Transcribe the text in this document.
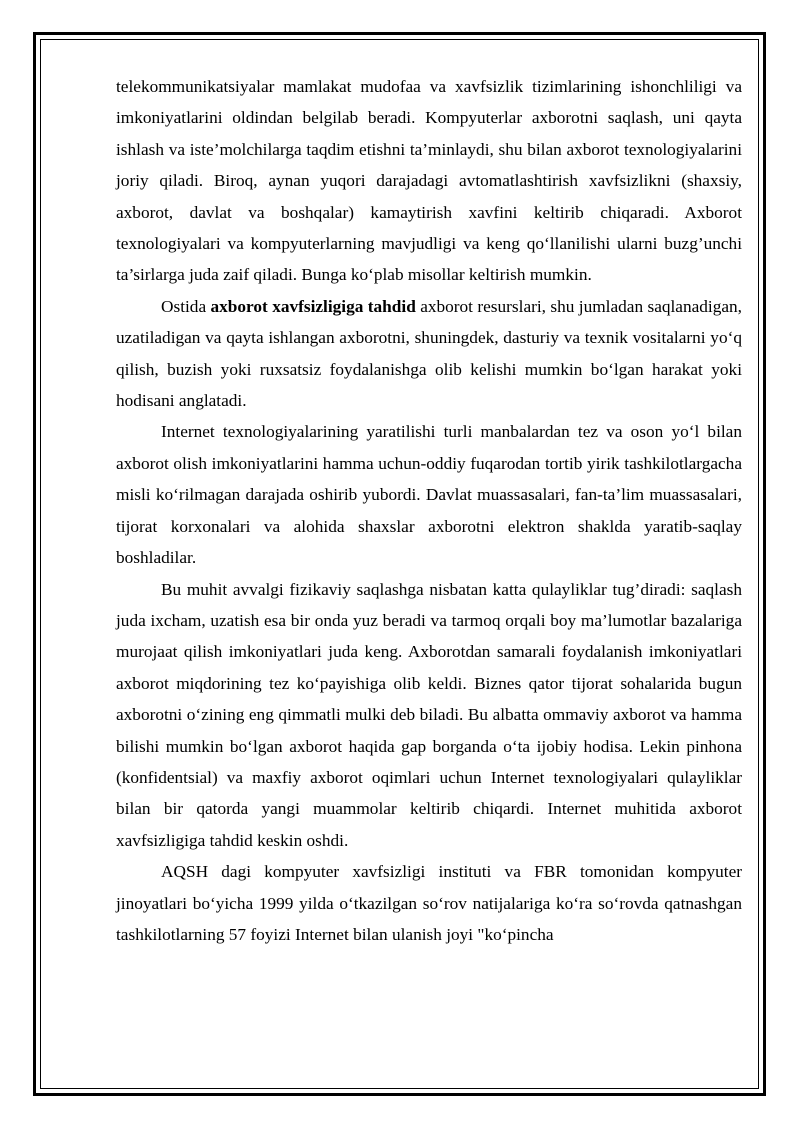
telekommunikatsiyalar mamlakat mudofaa va xavfsizlik tizimlarining ishonchliligi va imkoniyatlarini oldindan belgilab beradi. Kompyuterlar axborotni saqlash, uni qayta ishlash va iste’molchilarga taqdim etishni ta’minlaydi, shu bilan axborot texnologiyalarini joriy qiladi. Biroq, aynan yuqori darajadagi avtomatlashtirish xavfsizlikni (shaxsiy, axborot, davlat va boshqalar) kamaytirish xavfini keltirib chiqaradi. Axborot texnologiyalari va kompyuterlarning mavjudligi va keng qo‘llanilishi ularni buzg’unchi ta’sirlarga juda zaif qiladi. Bunga ko‘plab misollar keltirish mumkin.

Ostida axborot xavfsizligiga tahdid axborot resurslari, shu jumladan saqlanadigan, uzatiladigan va qayta ishlangan axborotni, shuningdek, dasturiy va texnik vositalarni yo‘q qilish, buzish yoki ruxsatsiz foydalanishga olib kelishi mumkin bo‘lgan harakat yoki hodisani anglatadi.

Internet texnologiyalarining yaratilishi turli manbalardan tez va oson yo‘l bilan axborot olish imkoniyatlarini hamma uchun-oddiy fuqarodan tortib yirik tashkilotlargacha misli ko‘rilmagan darajada oshirib yubordi. Davlat muassasalari, fan-ta’lim muassasalari, tijorat korxonalari va alohida shaxslar axborotni elektron shaklda yaratib-saqlay boshladilar.

Bu muhit avvalgi fizikaviy saqlashga nisbatan katta qulayliklar tug’diradi: saqlash juda ixcham, uzatish esa bir onda yuz beradi va tarmoq orqali boy ma’lumotlar bazalariga murojaat qilish imkoniyatlari juda keng. Axborotdan samarali foydalanish imkoniyatlari axborot miqdorining tez ko‘payishiga olib keldi. Biznes qator tijorat sohalarida bugun axborotni o‘zining eng qimmatli mulki deb biladi. Bu albatta ommaviy axborot va hamma bilishi mumkin bo‘lgan axborot haqida gap borganda o‘ta ijobiy hodisa. Lekin pinhona (konfidentsial) va maxfiy axborot oqimlari uchun Internet texnologiyalari qulayliklar bilan bir qatorda yangi muammolar keltirib chiqardi. Internet muhitida axborot xavfsizligiga tahdid keskin oshdi.

AQSH dagi kompyuter xavfsizligi instituti va FBR tomonidan kompyuter jinoyatlari bo‘yicha 1999 yilda o‘tkazilgan so‘rov natijalariga ko‘ra so‘rovda qatnashgan tashkilotlarning 57 foyizi Internet bilan ulanish joyi "ko‘pincha
